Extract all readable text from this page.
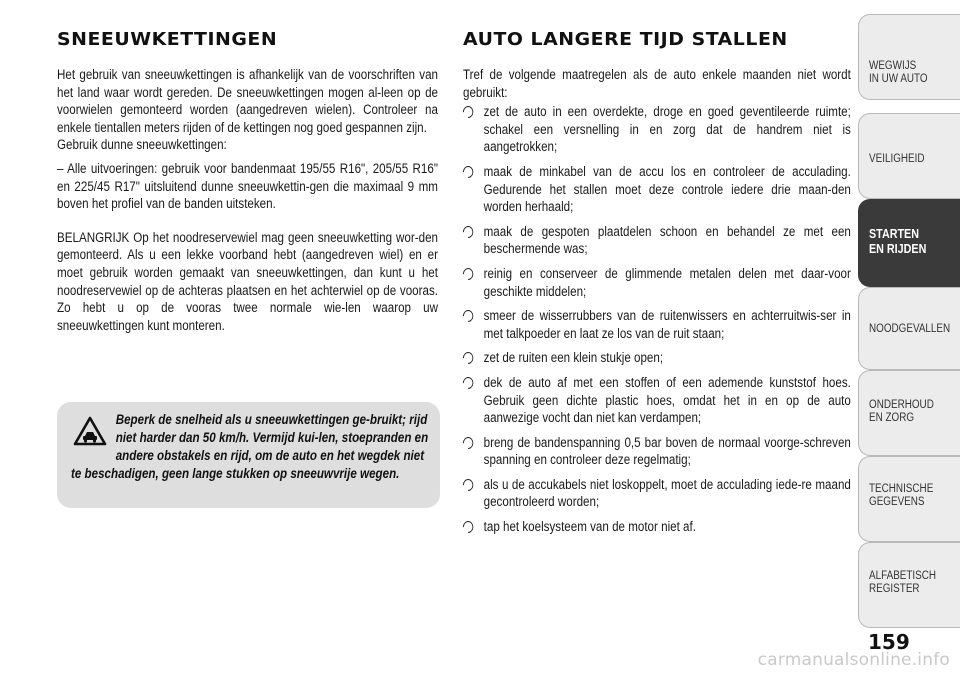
SNEEUWKETTINGEN	AUTO LANGERE TIJD STALLEN

Het gebruik van sneeuwkettingen is afhankelijk van de voorschriften van het land waar wordt gereden. De sneeuwkettingen mogen al-leen op de voorwielen gemonteerd worden (aangedreven wielen). Controleer na enkele tientallen meters rijden of de kettingen nog goed gespannen zijn.

Gebruik dunne sneeuwkettingen:

– Alle uitvoeringen: gebruik voor bandenmaat 195/55 R16", 205/55 R16" en 225/45 R17" uitsluitend dunne sneeuwkettin-gen die maximaal 9 mm boven het profiel van de banden uitsteken.

BELANGRIJK Op het noodreservewiel mag geen sneeuwketting wor-den gemonteerd. Als u een lekke voorband hebt (aangedreven wiel) en er moet gebruik worden gemaakt van sneeuwkettingen, dan kunt u het noodreservewiel op de achteras plaatsen en het achterwiel op de vooras. Zo hebt u op de vooras twee normale wie-len waarop uw sneeuwkettingen kunt monteren.

Beperk de snelheid als u sneeuwkettingen ge-bruikt; rijd niet harder dan 50 km/h. Vermijd kui-len, stoepranden en andere obstakels en rijd, om de auto en het wegdek niet te beschadigen, geen lange stukken op sneeuwvrije wegen.

Tref de volgende maatregelen als de auto enkele maanden niet wordt gebruikt:

zet de auto in een overdekte, droge en goed geventileerde ruimte; schakel een versnelling in en zorg dat de handrem niet is aangetrokken;
maak de minkabel van de accu los en controleer de acculading. Gedurende het stallen moet deze controle iedere drie maan-den worden herhaald;
maak de gespoten plaatdelen schoon en behandel ze met een beschermende was;
reinig en conserveer de glimmende metalen delen met daar-voor geschikte middelen;
smeer de wisserrubbers van de ruitenwissers en achterruitwis-ser in met talkpoeder en laat ze los van de ruit staan;
zet de ruiten een klein stukje open;
dek de auto af met een stoffen of een ademende kunststof hoes. Gebruik geen dichte plastic hoes, omdat het in en op de auto aanwezige vocht dan niet kan verdampen;
breng de bandenspanning 0,5 bar boven de normaal voorge-schreven spanning en controleer deze regelmatig;
als u de accukabels niet loskoppelt, moet de acculading iede-re maand gecontroleerd worden;
tap het koelsysteem van de motor niet af.
WEGWIJS
IN UW AUTO
VEILIGHEID
STARTEN
EN RIJDEN
NOODGEVALLEN
ONDERHOUD
EN ZORG
TECHNISCHE
GEGEVENS
ALFABETISCH
REGISTER
159
carmanualsonline.info
